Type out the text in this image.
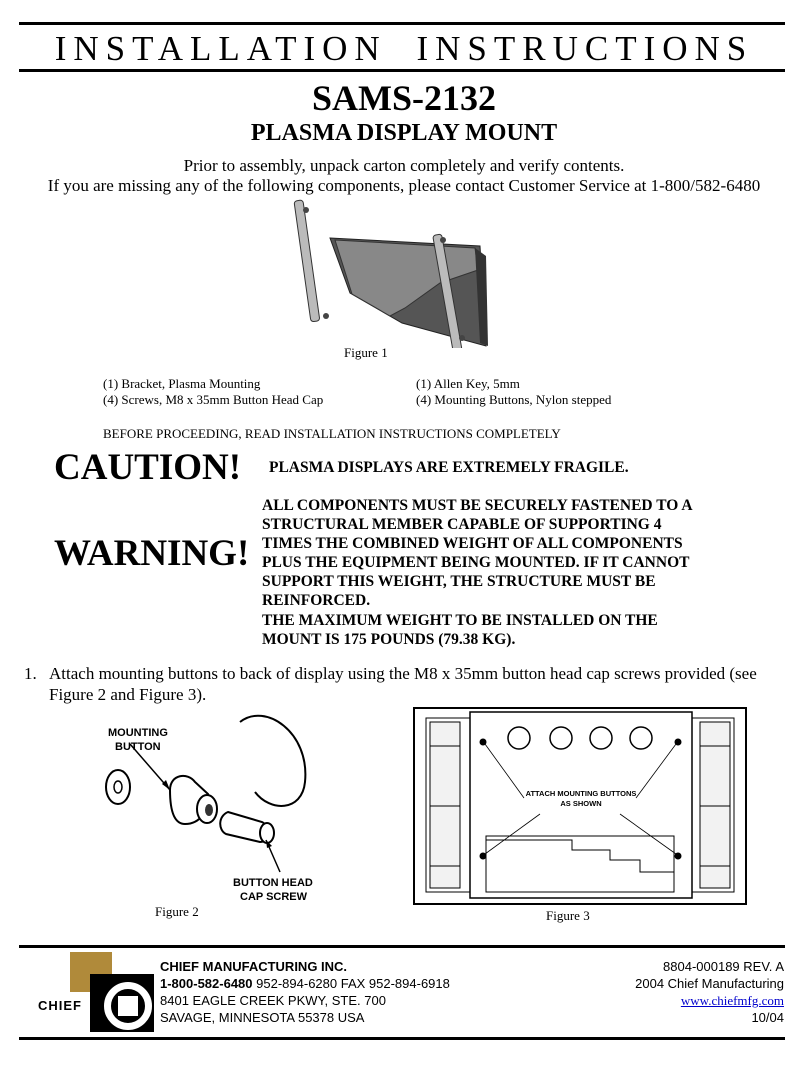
INSTALLATION INSTRUCTIONS
SAMS-2132
PLASMA DISPLAY MOUNT
Prior to assembly, unpack carton completely and verify contents.
If you are missing any of the following components, please contact Customer Service at 1-800/582-6480
Figure 1
(1) Bracket, Plasma Mounting
(4) Screws, M8 x 35mm Button Head Cap
(1) Allen Key, 5mm
(4) Mounting Buttons, Nylon stepped
BEFORE PROCEEDING, READ INSTALLATION INSTRUCTIONS COMPLETELY
CAUTION! PLASMA DISPLAYS ARE EXTREMELY FRAGILE.
WARNING!
ALL COMPONENTS MUST BE SECURELY FASTENED TO A
STRUCTURAL MEMBER CAPABLE OF SUPPORTING 4
TIMES THE COMBINED WEIGHT OF ALL COMPONENTS
PLUS THE EQUIPMENT BEING MOUNTED. IF IT CANNOT
SUPPORT THIS WEIGHT, THE STRUCTURE MUST BE
REINFORCED.
THE MAXIMUM WEIGHT TO BE INSTALLED ON THE
MOUNT IS 175 POUNDS (79.38 KG).
1. Attach mounting buttons to back of display using the M8 x 35mm button head cap screws provided (see
Figure 2 and Figure 3).
MOUNTING
BUTTON
BUTTON HEAD
CAP SCREW
Figure 2
ATTACH MOUNTING BUTTONS
AS SHOWN
Figure 3
CHIEF
CHIEF MANUFACTURING INC.
1-800-582-6480 952-894-6280 FAX 952-894-6918
8401 EAGLE CREEK PKWY, STE. 700
SAVAGE, MINNESOTA 55378 USA
8804-000189 REV. A
2004 Chief Manufacturing
www.chiefmfg.com
10/04
